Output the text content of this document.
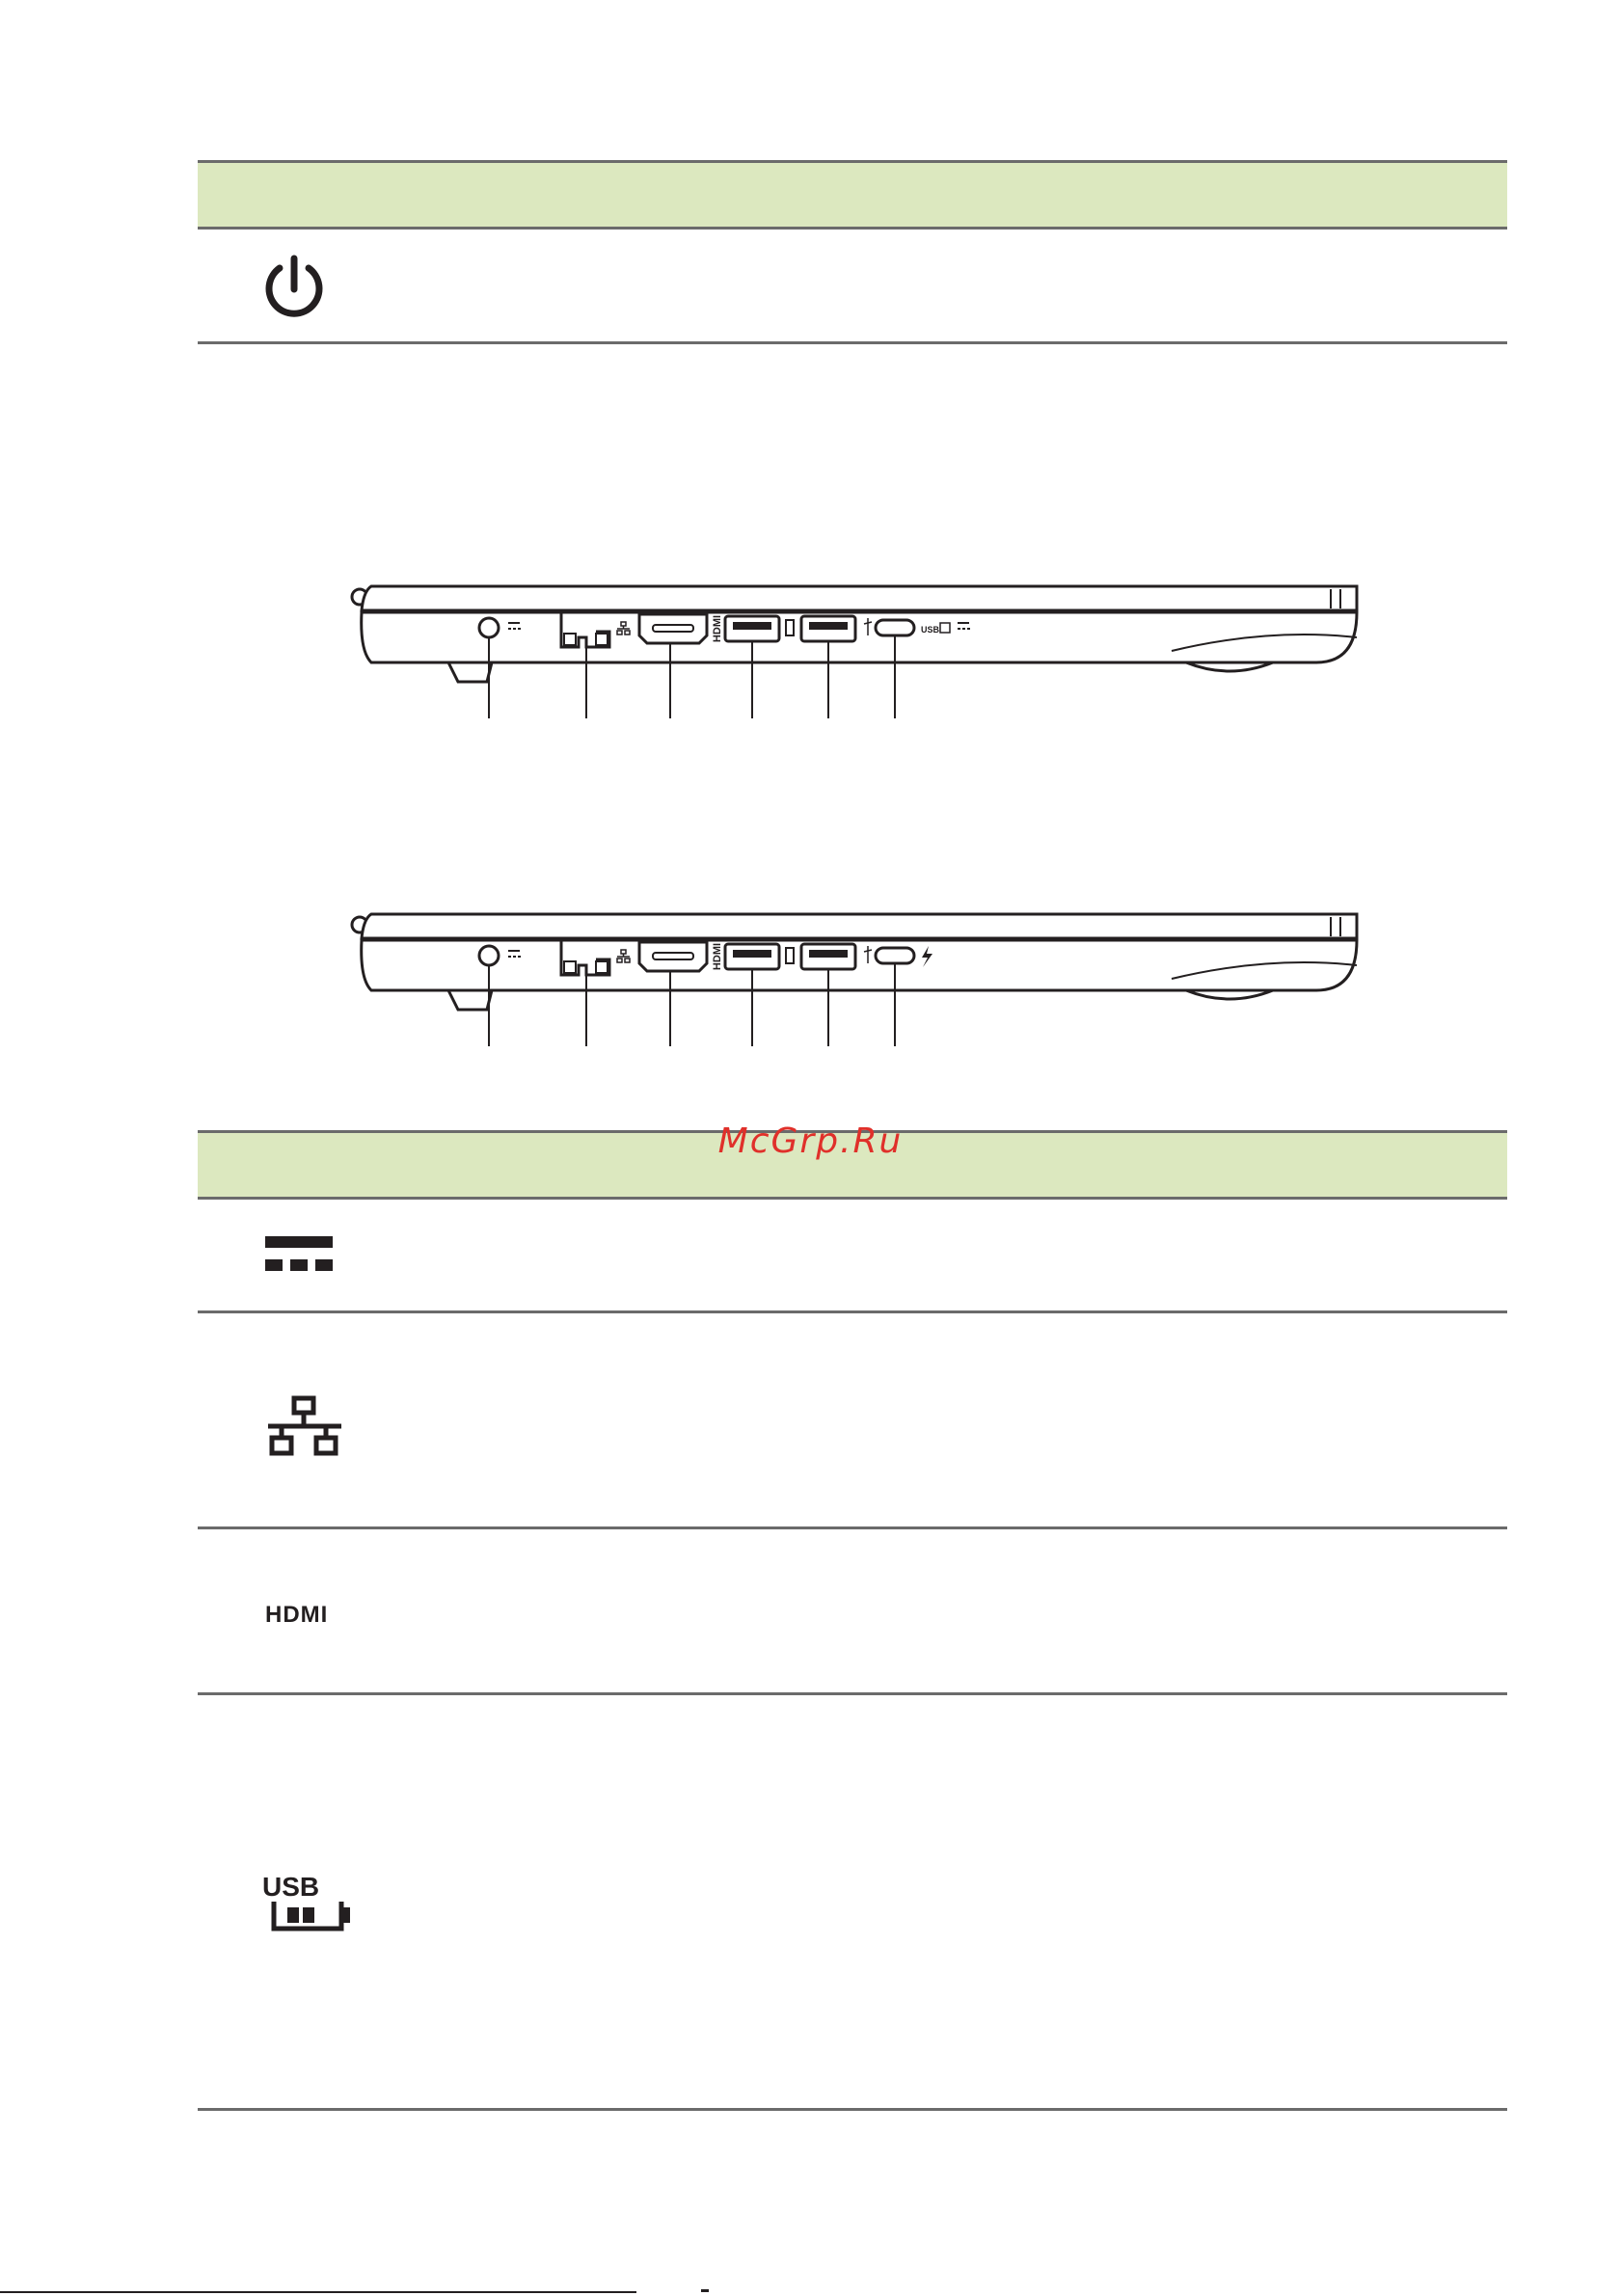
HDMI	USB
HDMI
McGrp.Ru
HDMI
USB
